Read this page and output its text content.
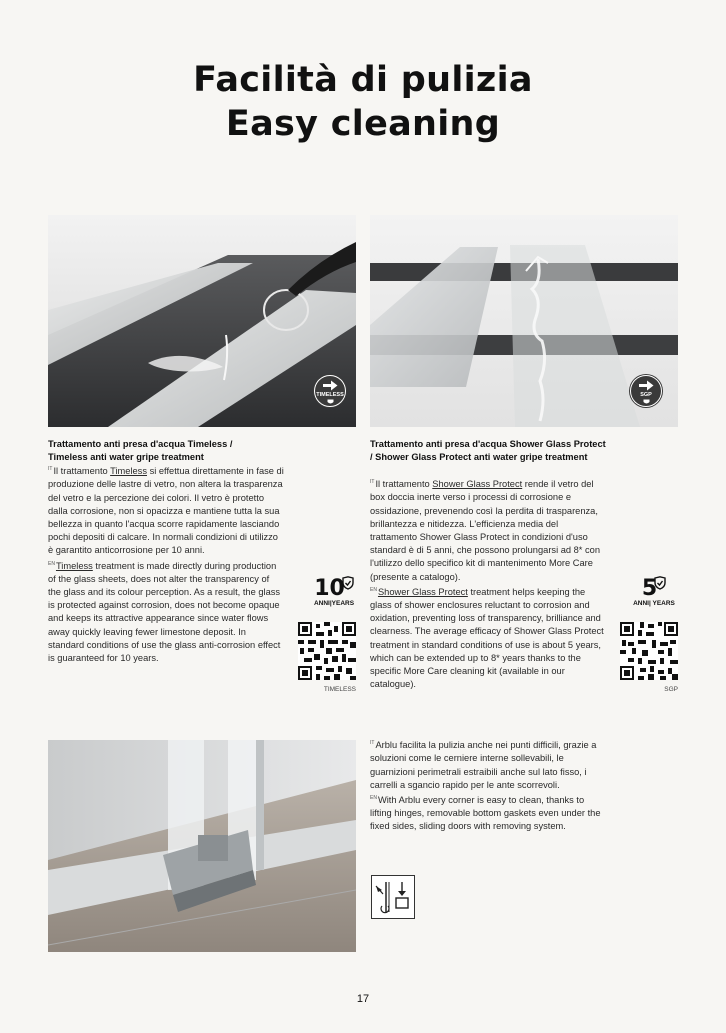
Facilità di pulizia
Easy cleaning
TIMELESS	SGP
Trattamento anti presa d'acqua Timeless / Timeless anti water gripe treatment

$^{IT}$Il trattamento Timeless si effettua direttamente in fase di produzione delle lastre di vetro, non altera la trasparenza del vetro e la percezione dei colori. Il vetro è protetto dalla corrosione, non si opacizza e mantiene tutta la sua bellezza in quanto l'acqua scorre rapidamente lasciando pochi depositi di calcare. In normali condizioni di utilizzo è garantito anticorrosione per 10 anni.

$^{EN}$Timeless treatment is made directly during production of the glass sheets, does not alter the transparency of the glass and its colour perception. As a result, the glass is protected against corrosion, does not become opaque and keeps its attractive appearance since water flows away quickly leaving fewer limestone deposit. In standard conditions of use the glass anti-corrosion effect is guaranteed for 10 years.

10
ANNI|YEARS
TIMELESS
Trattamento anti presa d'acqua Shower Glass Protect / Shower Glass Protect anti water gripe treatment

$^{IT}$Il trattamento Shower Glass Protect rende il vetro del box doccia inerte verso i processi di corrosione e ossidazione, prevenendo così la perdita di trasparenza, brillantezza e nitidezza. L'efficienza media del trattamento Shower Glass Protect in condizioni d'uso standard è di 5 anni, che possono prolungarsi ad 8* con l'utilizzo dello specifico kit di mantenimento More Care (presente a catalogo).

$^{EN}$Shower Glass Protect treatment helps keeping the glass of shower enclosures reluctant to corrosion and oxidation, preventing loss of transparency, brilliance and clearness. The average efficacy of Shower Glass Protect treatment in standard conditions of use is about 5 years, which can be extended up to 8* years thanks to the specific More Care cleaning kit (available in our catalogue).

5
ANNI| YEARS
SGP

$^{IT}$Arblu facilita la pulizia anche nei punti difficili, grazie a soluzioni come le cerniere interne sollevabili, le guarnizioni perimetrali estraibili anche sul lato fisso, i carrelli a sgancio rapido per le ante scorrevoli.

$^{EN}$With Arblu every corner is easy to clean, thanks to lifting hinges, removable bottom gaskets even under the fixed sides, sliding doors with removing system.

17
